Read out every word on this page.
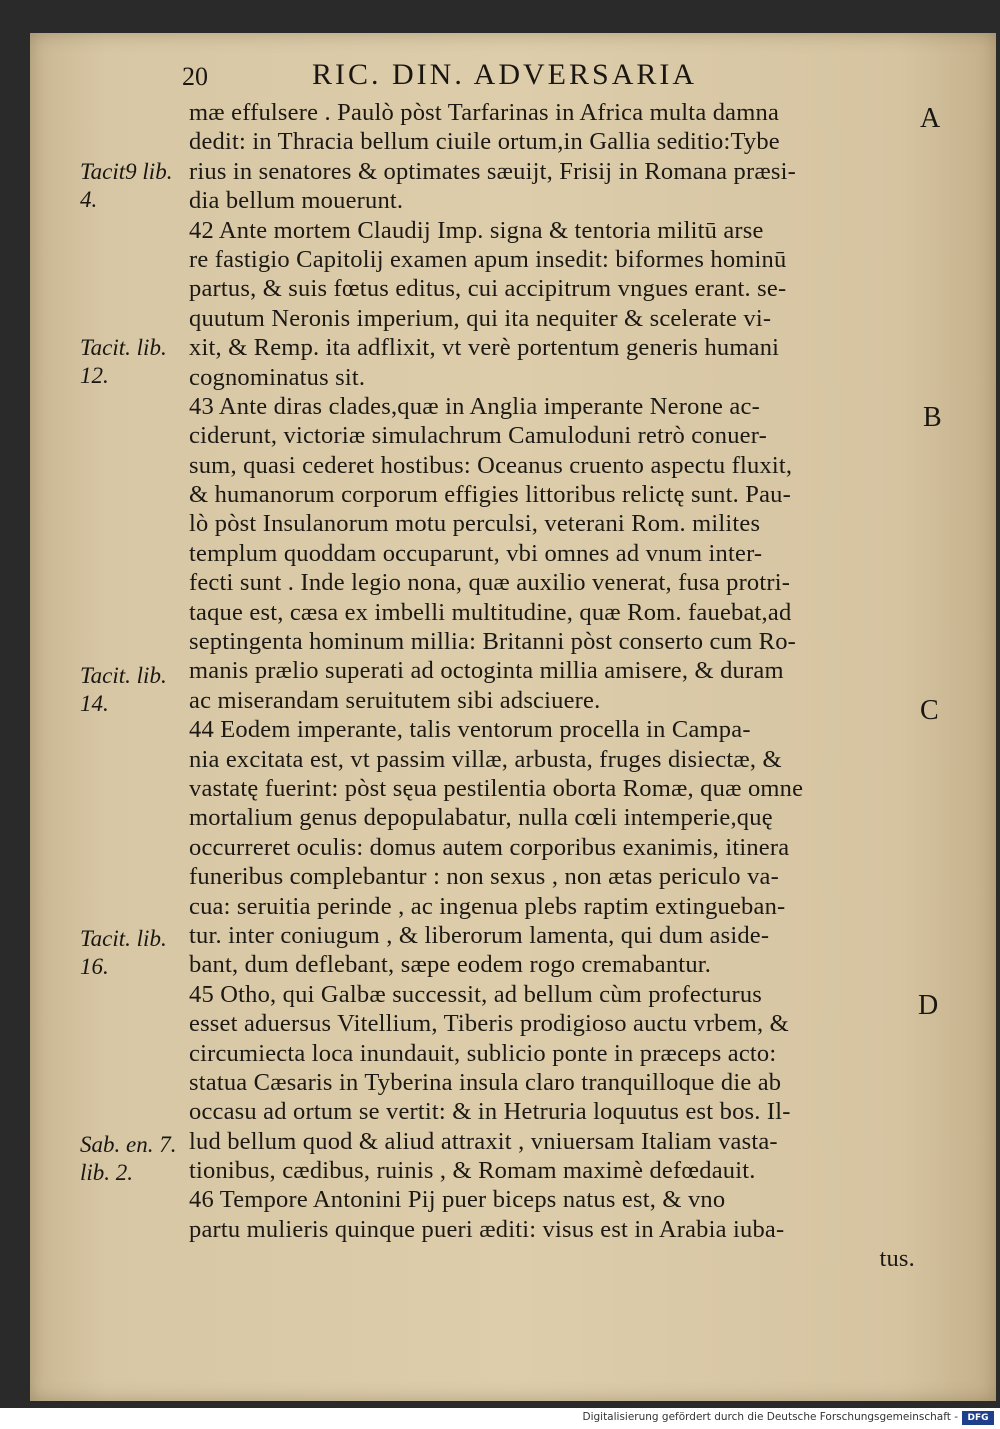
20	RIC. DIN. ADVERSARIA
mæ effulsere . Paulò pòst Tarfarinas in Africa multa damna
dedit: in Thracia bellum ciuile ortum,in Gallia seditio:Tybe
rius in senatores & optimates sæuijt, Frisij in Romana præsi-
dia bellum mouerunt.
42 Ante mortem Claudij Imp. signa & tentoria militū arse
re fastigio Capitolij examen apum insedit: biformes hominū
partus, & suis fœtus editus, cui accipitrum vngues erant. se-
quutum Neronis imperium, qui ita nequiter & scelerate vi-
xit, & Remp. ita adflixit, vt verè portentum generis humani
cognominatus sit.
43 Ante diras clades,quæ in Anglia imperante Nerone ac-
ciderunt, victoriæ simulachrum Camuloduni retrò conuer-
sum, quasi cederet hostibus: Oceanus cruento aspectu fluxit,
& humanorum corporum effigies littoribus relictę sunt. Pau-
lò pòst Insulanorum motu perculsi, veterani Rom. milites
templum quoddam occuparunt, vbi omnes ad vnum inter-
fecti sunt . Inde legio nona, quæ auxilio venerat, fusa protri-
taque est, cæsa ex imbelli multitudine, quæ Rom. fauebat,ad
septingenta hominum millia: Britanni pòst conserto cum Ro-
manis prælio superati ad octoginta millia amisere, & duram
ac miserandam seruitutem sibi adsciuere.
44 Eodem imperante, talis ventorum procella in Campa-
nia excitata est, vt passim villæ, arbusta, fruges disiectæ, &
vastatę fuerint: pòst sęua pestilentia oborta Romæ, quæ omne
mortalium genus depopulabatur, nulla cœli intemperie,quę
occurreret oculis: domus autem corporibus exanimis, itinera
funeribus complebantur : non sexus , non ætas periculo va-
cua: seruitia perinde , ac ingenua plebs raptim extingueban-
tur. inter coniugum , & liberorum lamenta, qui dum aside-
bant, dum deflebant, sæpe eodem rogo cremabantur.
45 Otho, qui Galbæ successit, ad bellum cùm profecturus
esset aduersus Vitellium, Tiberis prodigioso auctu vrbem, &
circumiecta loca inundauit, sublicio ponte in præceps acto:
statua Cæsaris in Tyberina insula claro tranquilloque die ab
occasu ad ortum se vertit: & in Hetruria loquutus est bos. Il-
lud bellum quod & aliud attraxit , vniuersam Italiam vasta-
tionibus, cædibus, ruinis , & Romam maximè defœdauit.
46 Tempore Antonini Pij puer biceps natus est, & vno
partu mulieris quinque pueri æditi: visus est in Arabia iuba-
tus.
Tacit9 lib.
4.
Tacit. lib.
12.
Tacit. lib.
14.
Tacit. lib.
16.
Sab. en. 7.
lib. 2.
A
B
C
D
Digitalisierung gefördert durch die Deutsche Forschungsgemeinschaft -	DFG
